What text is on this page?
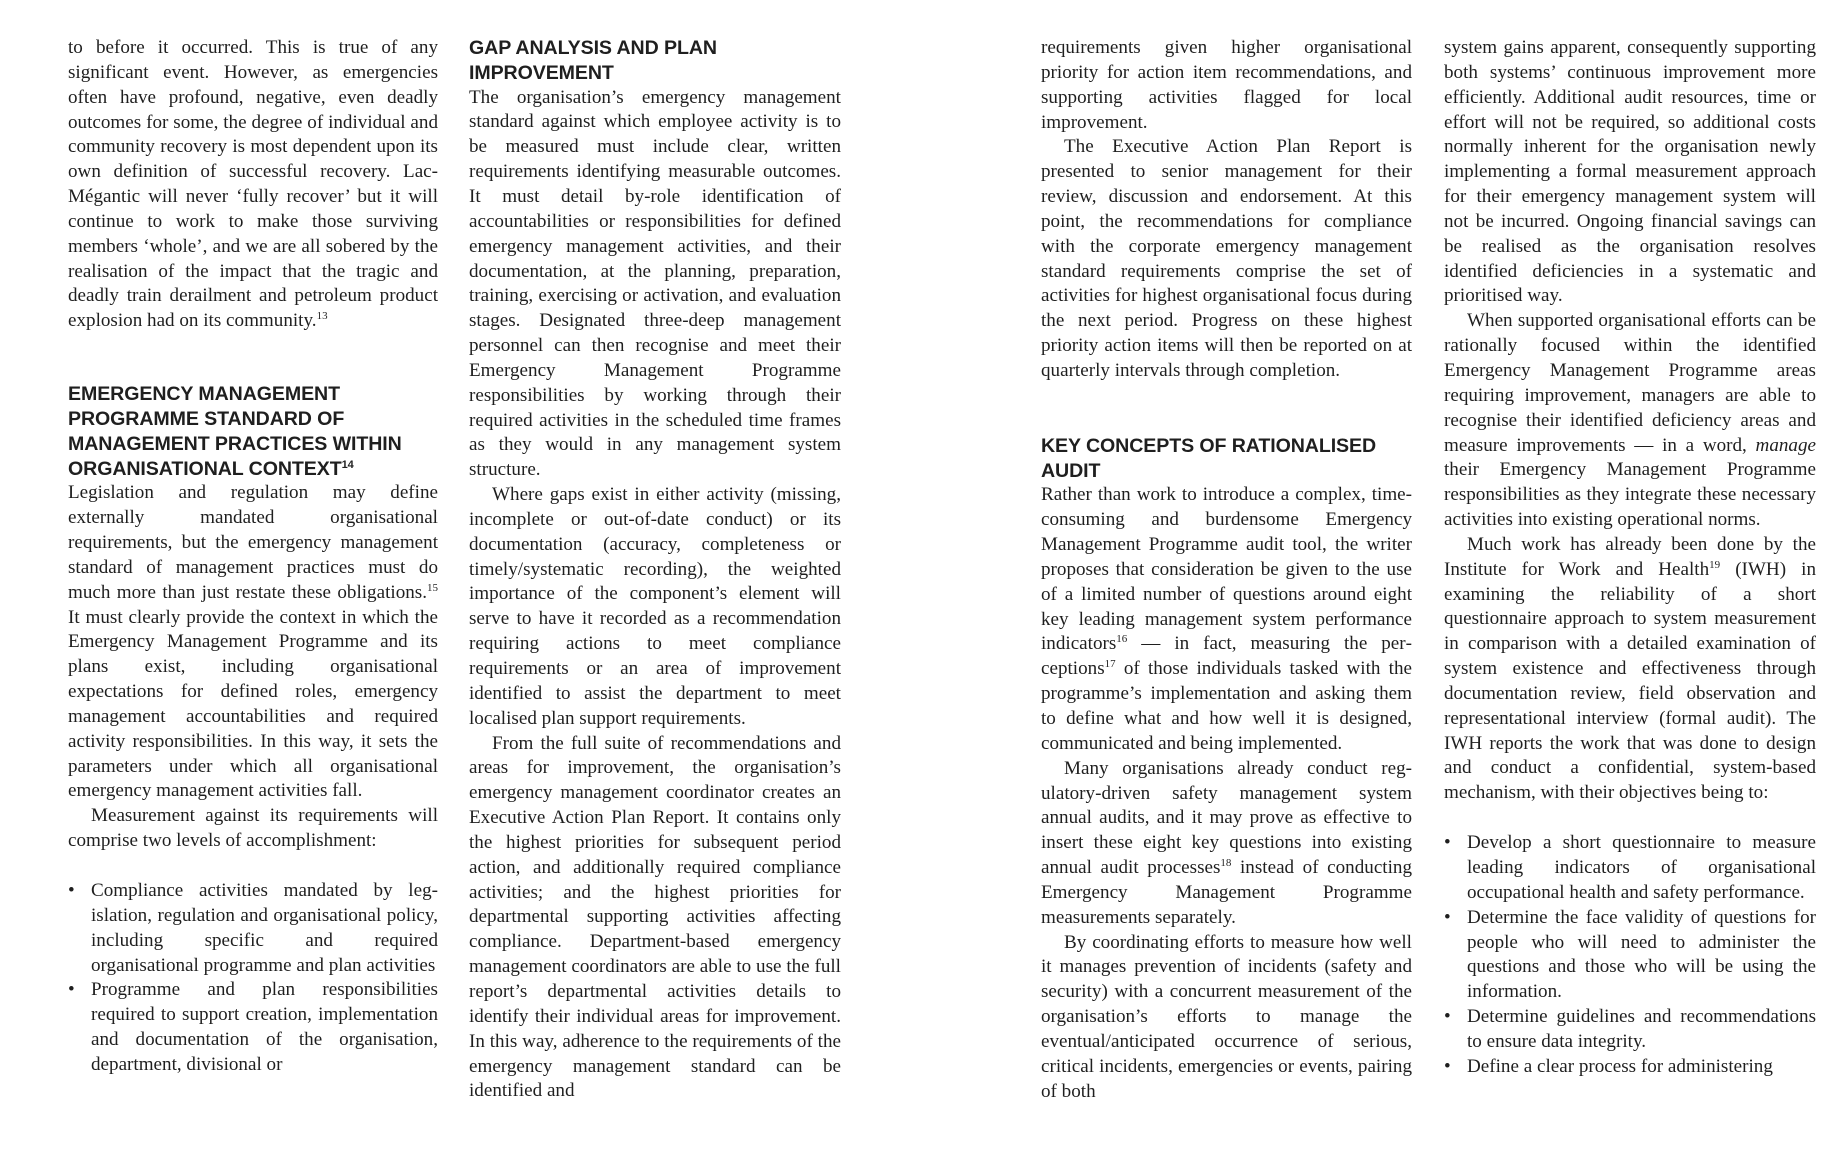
to before it occurred. This is true of any significant event. However, as emergencies often have profound, negative, even deadly outcomes for some, the degree of individual and community recovery is most dependent upon its own definition of successful recovery. Lac-Mégantic will never ‘fully recover’ but it will continue to work to make those surviving members ‘whole’, and we are all sobered by the realisation of the impact that the tragic and deadly train derailment and petroleum product explosion had on its community.$^{13}$

EMERGENCY MANAGEMENT PROGRAMME STANDARD OF MANAGEMENT PRACTICES WITHIN ORGANISATIONAL CONTEXT$^{14}$

Legislation and regulation may define externally mandated organisational requirements, but the emergency management standard of management practices must do much more than just restate these obligations.$^{15}$ It must clearly provide the context in which the Emergency Management Programme and its plans exist, including organisational expectations for defined roles, emergency management accountabilities and required activity responsibilities. In this way, it sets the parameters under which all organisational emergency management activities fall.

Measurement against its requirements will comprise two levels of accomplishment:

• Compliance activities mandated by legislation, regulation and organisational policy, including specific and required organisational programme and plan activities
• Programme and plan responsibilities required to support creation, implementation and documentation of the organisation, department, divisional or
GAP ANALYSIS AND PLAN IMPROVEMENT

The organisation’s emergency management standard against which employee activity is to be measured must include clear, written requirements identifying measurable outcomes. It must detail by-role identification of accountabilities or responsibilities for defined emergency management activities, and their documentation, at the planning, preparation, training, exercising or activation, and evaluation stages. Designated three-deep management personnel can then recognise and meet their Emergency Management Programme responsibilities by working through their required activities in the scheduled time frames as they would in any management system structure.

Where gaps exist in either activity (missing, incomplete or out-of-date conduct) or its documentation (accuracy, completeness or timely/systematic recording), the weighted importance of the component’s element will serve to have it recorded as a recommendation requiring actions to meet compliance requirements or an area of improvement identified to assist the department to meet localised plan support requirements.

From the full suite of recommendations and areas for improvement, the organisation’s emergency management coordinator creates an Executive Action Plan Report. It contains only the highest priorities for subsequent period action, and additionally required compliance activities; and the highest priorities for departmental supporting activities affecting compliance. Department-based emergency management coordinators are able to use the full report’s departmental activities details to identify their individual areas for improvement. In this way, adherence to the requirements of the emergency management standard can be identified and

requirements given higher organisational priority for action item recommendations, and supporting activities flagged for local improvement.

The Executive Action Plan Report is presented to senior management for their review, discussion and endorsement. At this point, the recommendations for compliance with the corporate emergency management standard requirements comprise the set of activities for highest organisational focus during the next period. Progress on these highest priority action items will then be reported on at quarterly intervals through completion.

KEY CONCEPTS OF RATIONALISED AUDIT

Rather than work to introduce a complex, time-consuming and burdensome Emergency Management Programme audit tool, the writer proposes that consideration be given to the use of a limited number of questions around eight key leading management system performance indicators$^{16}$ — in fact, measuring the perceptions$^{17}$ of those individuals tasked with the programme’s implementation and asking them to define what and how well it is designed, communicated and being implemented.

Many organisations already conduct regulatory-driven safety management system annual audits, and it may prove as effective to insert these eight key questions into existing annual audit processes$^{18}$ instead of conducting Emergency Management Programme measurements separately.

By coordinating efforts to measure how well it manages prevention of incidents (safety and security) with a concurrent measurement of the organisation’s efforts to manage the eventual/anticipated occurrence of serious, critical incidents, emergencies or events, pairing of both

system gains apparent, consequently supporting both systems’ continuous improvement more efficiently. Additional audit resources, time or effort will not be required, so additional costs normally inherent for the organisation newly implementing a formal measurement approach for their emergency management system will not be incurred. Ongoing financial savings can be realised as the organisation resolves identified deficiencies in a systematic and prioritised way.

When supported organisational efforts can be rationally focused within the identified Emergency Management Programme areas requiring improvement, managers are able to recognise their identified deficiency areas and measure improvements — in a word, manage their Emergency Management Programme responsibilities as they integrate these necessary activities into existing operational norms.

Much work has already been done by the Institute for Work and Health$^{19}$ (IWH) in examining the reliability of a short questionnaire approach to system measurement in comparison with a detailed examination of system existence and effectiveness through documentation review, field observation and representational interview (formal audit). The IWH reports the work that was done to design and conduct a confidential, system-based mechanism, with their objectives being to:

• Develop a short questionnaire to measure leading indicators of organisational occupational health and safety performance.
• Determine the face validity of questions for people who will need to administer the questions and those who will be using the information.
• Determine guidelines and recommendations to ensure data integrity.
• Define a clear process for administering
